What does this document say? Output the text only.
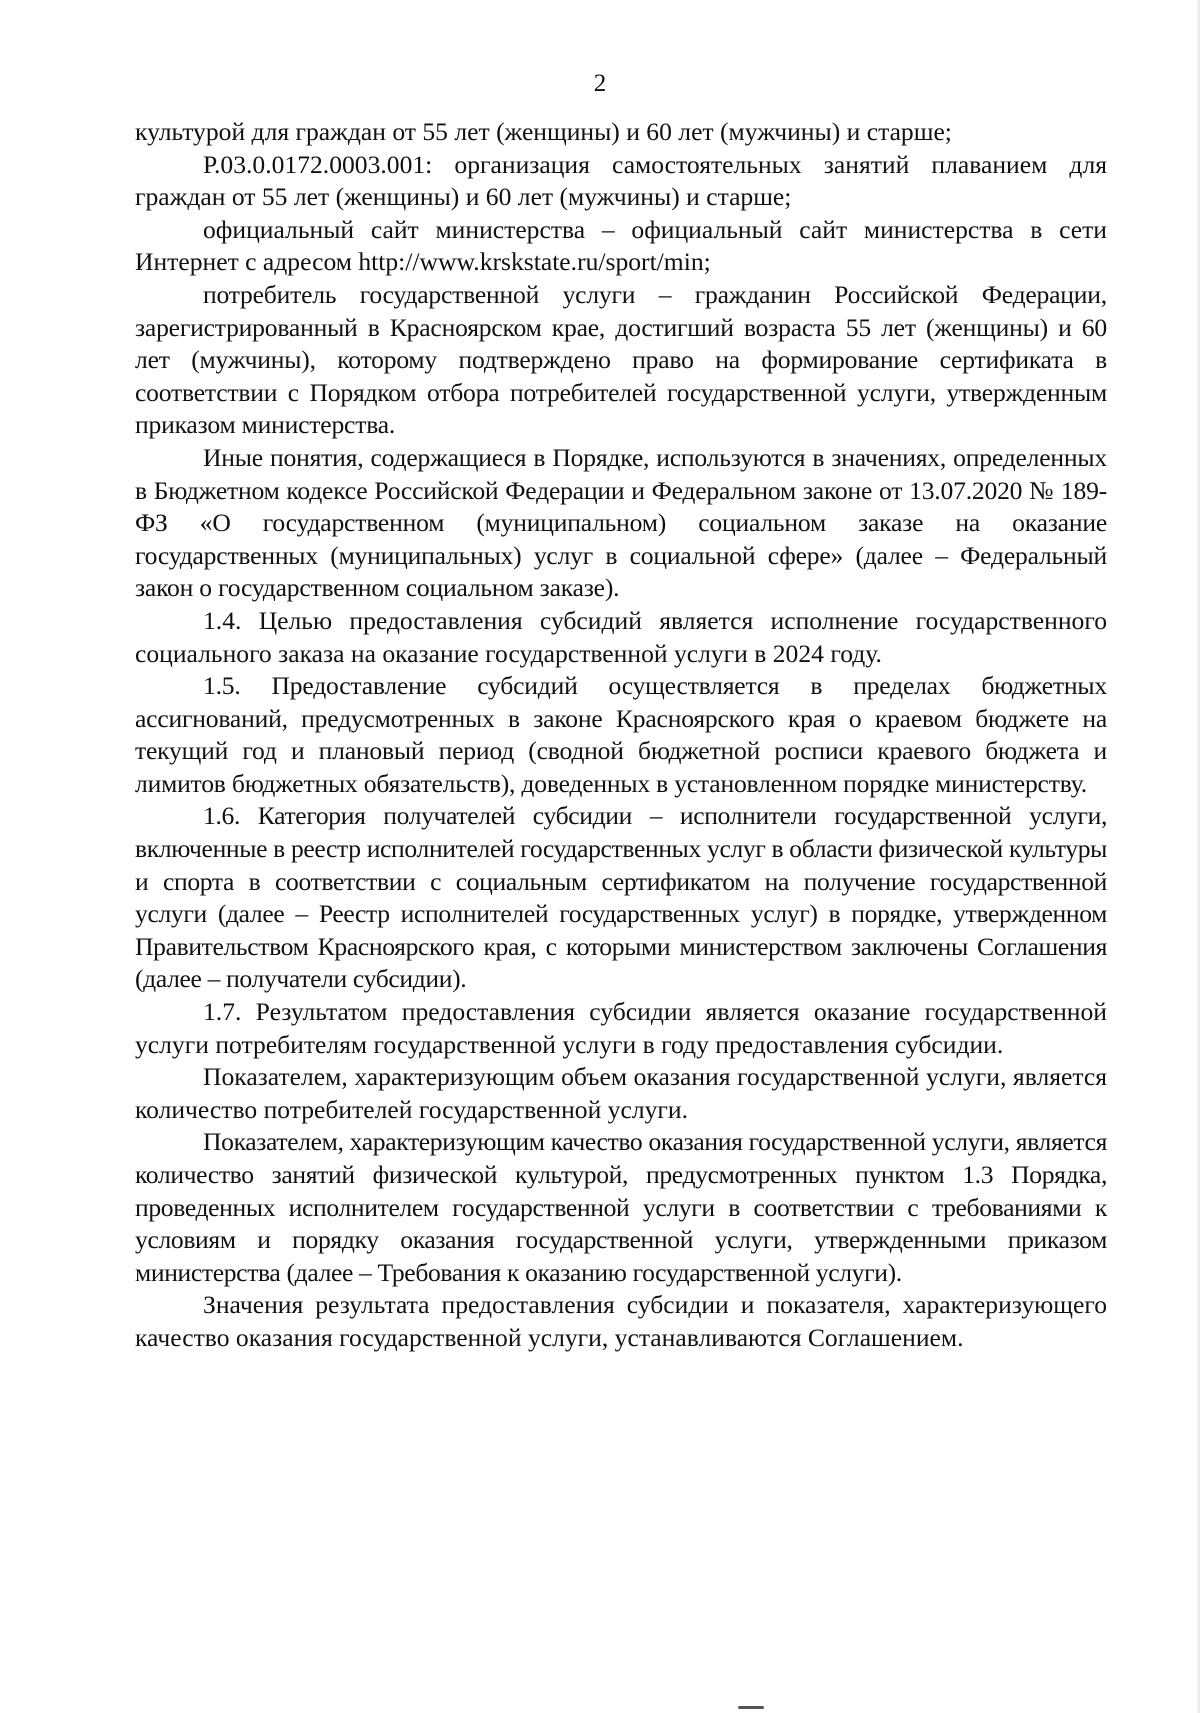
2

культурой для граждан от 55 лет (женщины) и 60 лет (мужчины) и старше;

Р.03.0.0172.0003.001: организация самостоятельных занятий плаванием для граждан от 55 лет (женщины) и 60 лет (мужчины) и старше;

официальный сайт министерства – официальный сайт министерства в сети Интернет с адресом http://www.krskstate.ru/sport/min;

потребитель государственной услуги – гражданин Российской Федерации, зарегистрированный в Красноярском крае, достигший возраста 55 лет (женщины) и 60 лет (мужчины), которому подтверждено право на формирование сертификата в соответствии с Порядком отбора потребителей государственной услуги, утвержденным приказом министерства.

Иные понятия, содержащиеся в Порядке, используются в значениях, определенных в Бюджетном кодексе Российской Федерации и Федеральном законе от 13.07.2020 № 189-ФЗ «О государственном (муниципальном) социальном заказе на оказание государственных (муниципальных) услуг в социальной сфере» (далее – Федеральный закон о государственном социальном заказе).

1.4. Целью предоставления субсидий является исполнение государственного социального заказа на оказание государственной услуги в 2024 году.

1.5. Предоставление субсидий осуществляется в пределах бюджетных ассигнований, предусмотренных в законе Красноярского края о краевом бюджете на текущий год и плановый период (сводной бюджетной росписи краевого бюджета и лимитов бюджетных обязательств), доведенных в установленном порядке министерству.

1.6. Категория получателей субсидии – исполнители государственной услуги, включенные в реестр исполнителей государственных услуг в области физической культуры и спорта в соответствии с социальным сертификатом на получение государственной услуги (далее – Реестр исполнителей государственных услуг) в порядке, утвержденном Правительством Красноярского края, с которыми министерством заключены Соглашения (далее – получатели субсидии).

1.7. Результатом предоставления субсидии является оказание государственной услуги потребителям государственной услуги в году предоставления субсидии.

Показателем, характеризующим объем оказания государственной услуги, является количество потребителей государственной услуги.

Показателем, характеризующим качество оказания государственной услуги, является количество занятий физической культурой, предусмотренных пунктом 1.3 Порядка, проведенных исполнителем государственной услуги в соответствии с требованиями к условиям и порядку оказания государственной услуги, утвержденными приказом министерства (далее – Требования к оказанию государственной услуги).

Значения результата предоставления субсидии и показателя, характеризующего качество оказания государственной услуги, устанавливаются Соглашением.
